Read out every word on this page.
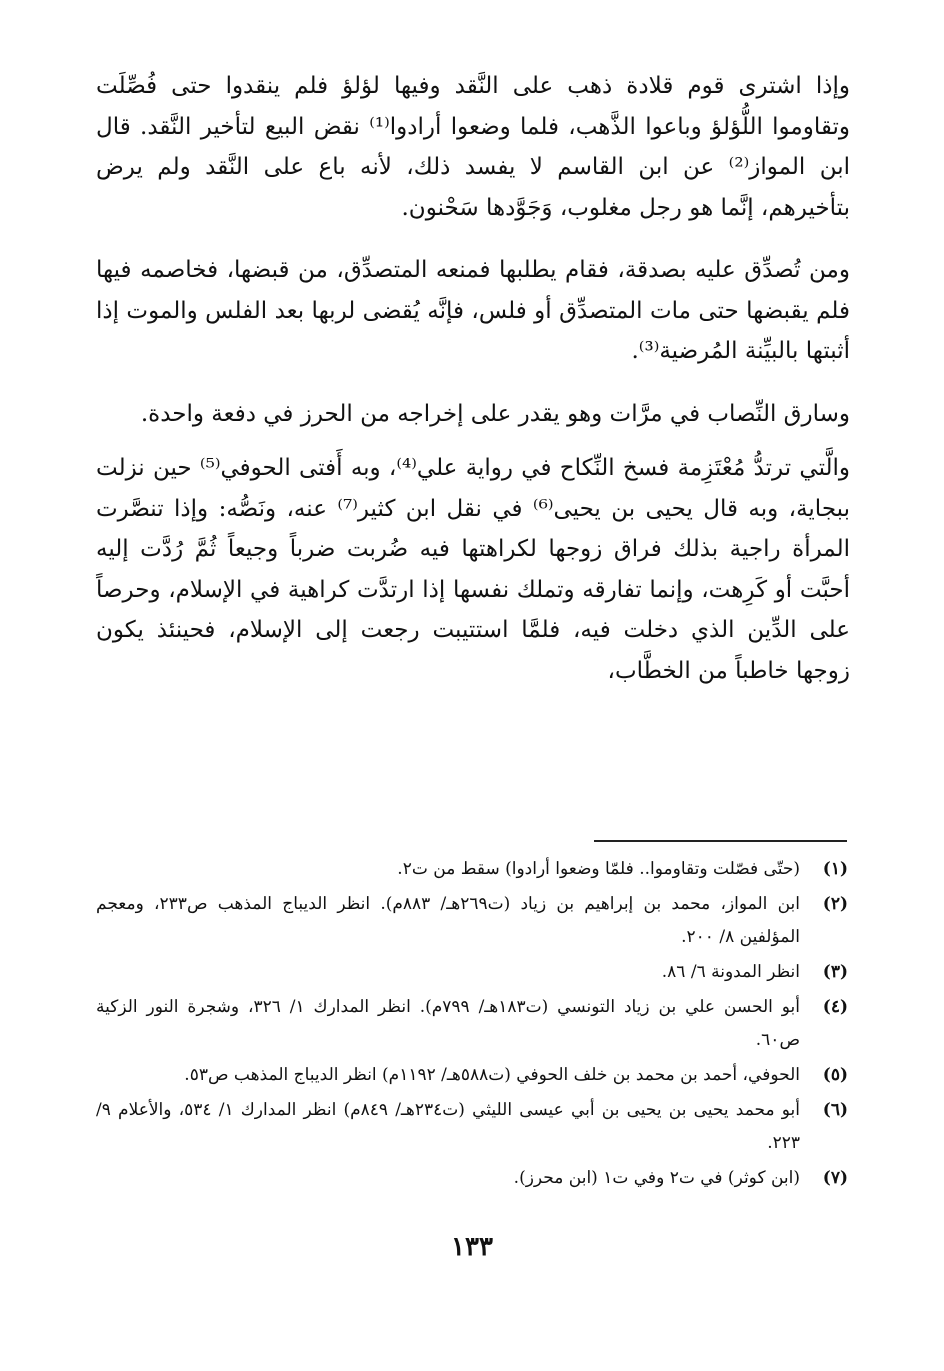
وإذا اشترى قوم قلادة ذهب على النَّقد وفيها لؤلؤ فلم ينقدوا حتى فُصِّلَت وتقاوموا اللُّؤلؤ وباعوا الذَّهب، فلما وضعوا أرادوا⁽¹⁾ نقض البيع لتأخير النَّقد. قال ابن المواز⁽²⁾ عن ابن القاسم لا يفسد ذلك، لأنه باع على النَّقد ولم يرض بتأخيرهم، إنَّما هو رجل مغلوب، وَجَوَّدها سَحْنون.

ومن تُصدِّق عليه بصدقة، فقام يطلبها فمنعه المتصدِّق، من قبضها، فخاصمه فيها فلم يقبضها حتى مات المتصدِّق أو فلس، فإنَّه يُقضى لربها بعد الفلس والموت إذا أثبتها بالبيِّنة المُرضية⁽³⁾.

وسارق النِّصاب في مرَّات وهو يقدر على إخراجه من الحرز في دفعة واحدة.

والَّتي ترتدُّ مُعْتَزِمة فسخ النِّكاح في رواية علي⁽⁴⁾، وبه أَفتى الحوفي⁽⁵⁾ حين نزلت ببجاية، وبه قال يحيى بن يحيى⁽⁶⁾ في نقل ابن كثير⁽⁷⁾ عنه، ونَصُّه: وإذا تنصَّرت المرأة راجية بذلك فراق زوجها لكراهتها فيه ضُربت ضرباً وجيعاً ثُمَّ رُدَّت إليه أحبَّت أو كَرِهت، وإنما تفارقه وتملك نفسها إذا ارتدَّت كراهية في الإسلام، وحرصاً على الدِّين الذي دخلت فيه، فلمَّا استتيبت رجعت إلى الإسلام، فحينئذ يكون زوجها خاطباً من الخطَّاب،

(١)
(حتّى فصّلت وتقاوموا.. فلمّا وضعوا أرادوا) سقط من ت٢.
(٢)
ابن المواز، محمد بن إبراهيم بن زياد (ت٢٦٩هـ/ ٨٨٣م). انظر الديباج المذهب ص٢٣٣، ومعجم المؤلفين ٨/ ٢٠٠.
(٣)
انظر المدونة ٦/ ٨٦.
(٤)
أبو الحسن علي بن زياد التونسي (ت١٨٣هـ/ ٧٩٩م). انظر المدارك ١/ ٣٢٦، وشجرة النور الزكية ص٦٠.
(٥)
الحوفي، أحمد بن محمد بن خلف الحوفي (ت٥٨٨هـ/ ١١٩٢م) انظر الديباج المذهب ص٥٣.
(٦)
أبو محمد يحيى بن يحيى بن أبي عيسى الليثي (ت٢٣٤هـ/ ٨٤٩م) انظر المدارك ١/ ٥٣٤، والأعلام ٩/ ٢٢٣.
(٧)
(ابن كوثر) في ت٢ وفي ت١ (ابن محرز).
١٣٣
